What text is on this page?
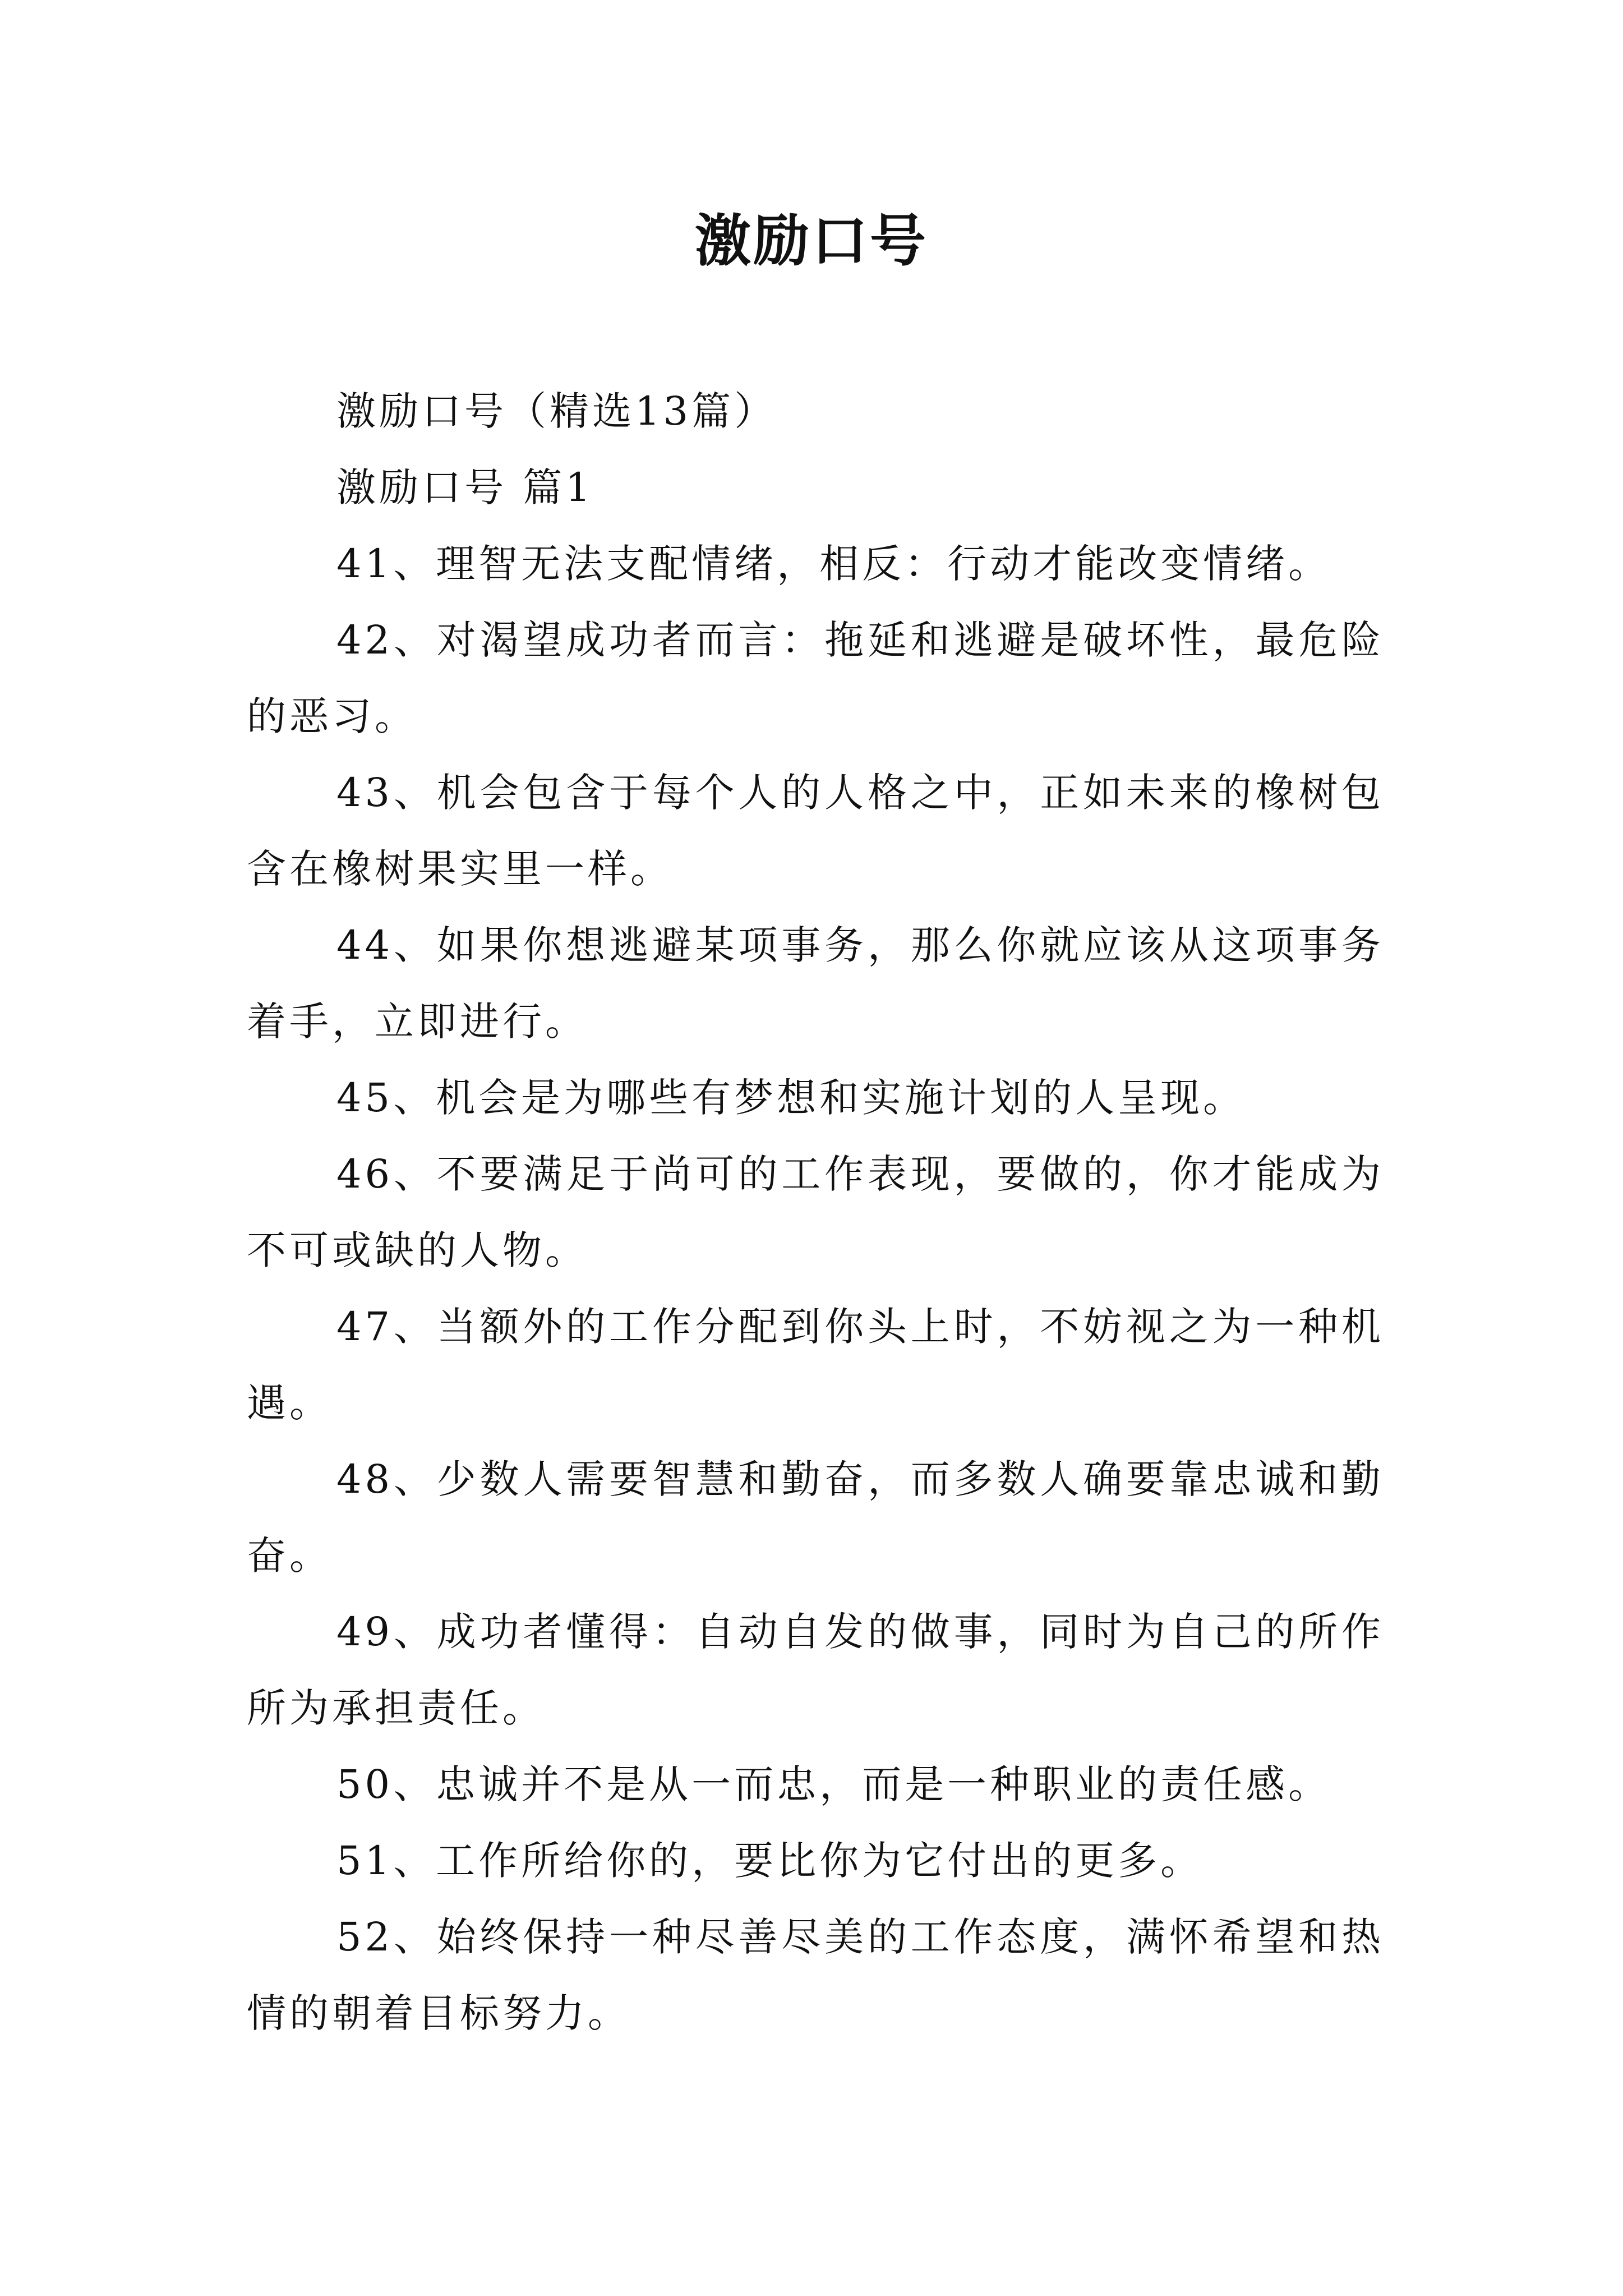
激励口号

激励口号（精选13篇）

激励口号 篇1

41、理智无法支配情绪，相反：行动才能改变情绪。

42、对渴望成功者而言：拖延和逃避是破坏性，最危险的恶习。

43、机会包含于每个人的人格之中，正如未来的橡树包含在橡树果实里一样。

44、如果你想逃避某项事务，那么你就应该从这项事务着手，立即进行。

45、机会是为哪些有梦想和实施计划的人呈现。

46、不要满足于尚可的工作表现，要做的，你才能成为不可或缺的人物。

47、当额外的工作分配到你头上时，不妨视之为一种机遇。

48、少数人需要智慧和勤奋，而多数人确要靠忠诚和勤奋。

49、成功者懂得：自动自发的做事，同时为自己的所作所为承担责任。

50、忠诚并不是从一而忠，而是一种职业的责任感。

51、工作所给你的，要比你为它付出的更多。

52、始终保持一种尽善尽美的工作态度，满怀希望和热情的朝着目标努力。
